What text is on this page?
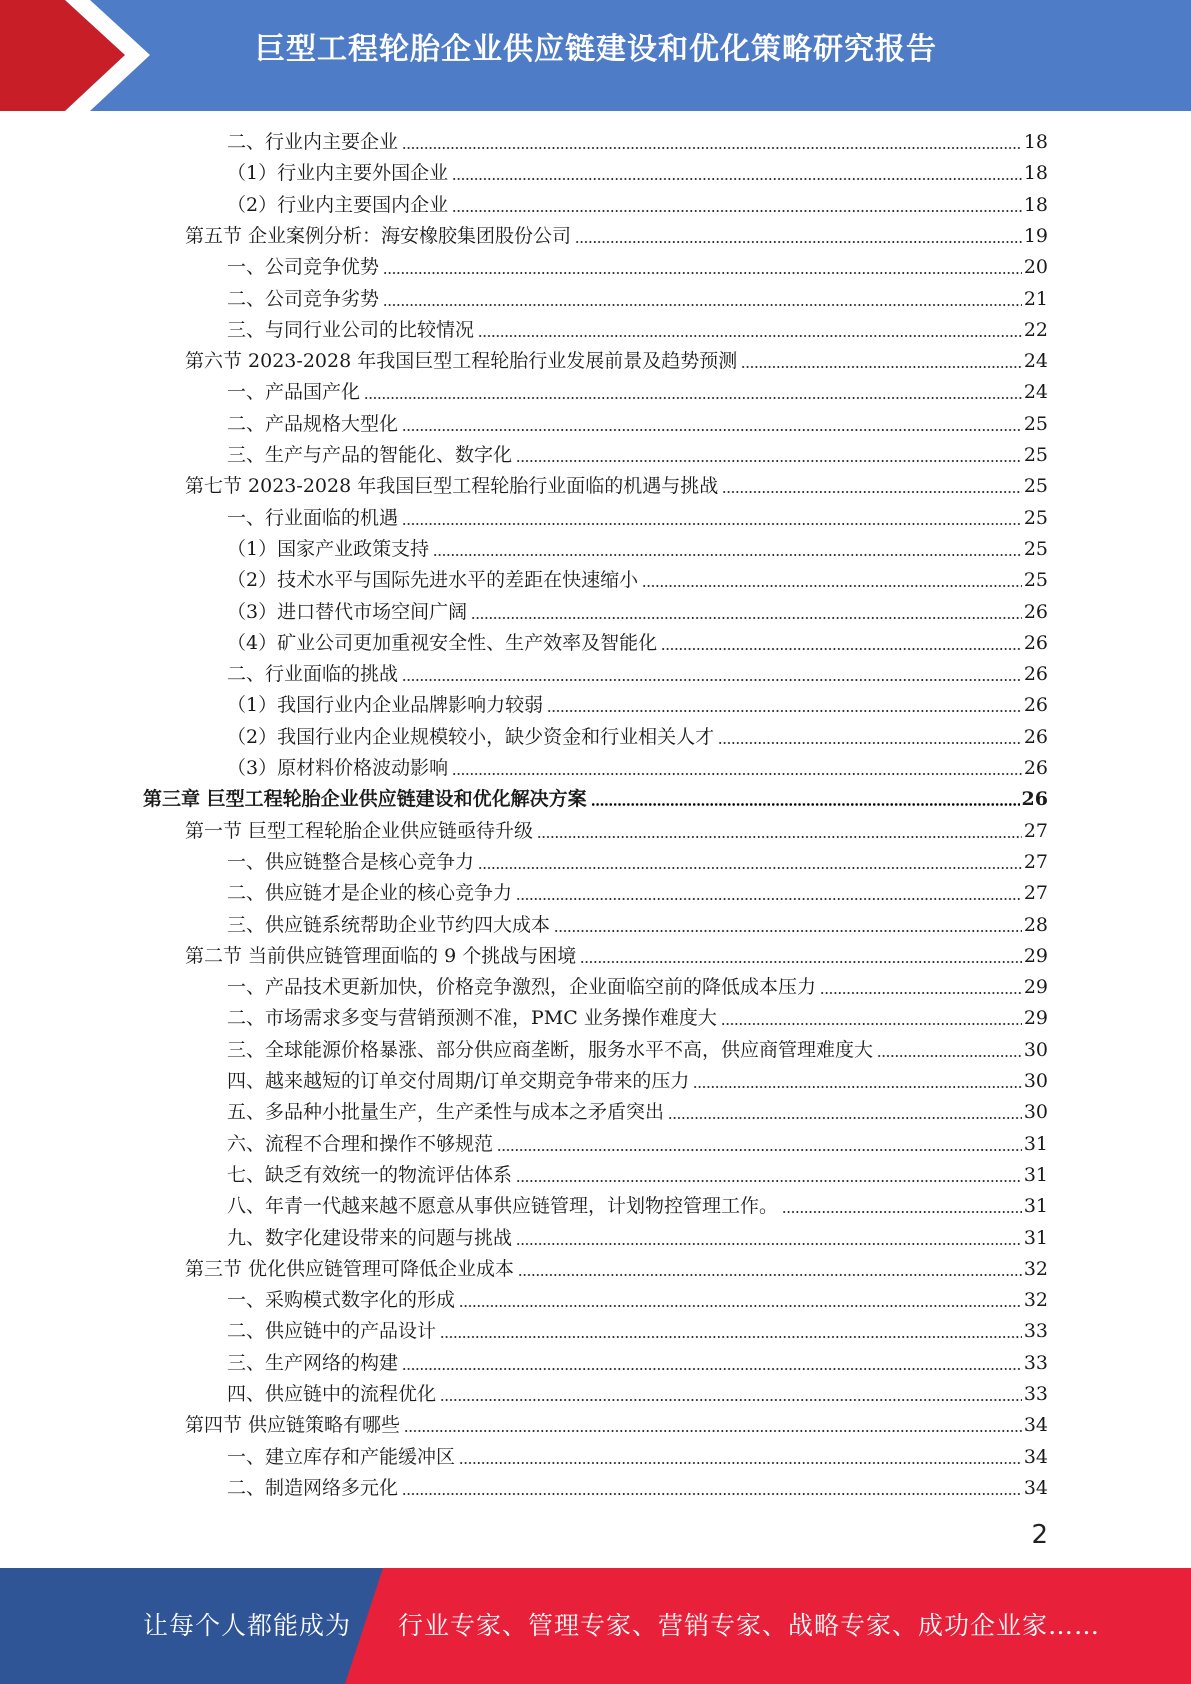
巨型工程轮胎企业供应链建设和优化策略研究报告
二、行业内主要企业	18
（1）行业内主要外国企业	18
（2）行业内主要国内企业	18
第五节 企业案例分析：海安橡胶集团股份公司	19
一、公司竞争优势	20
二、公司竞争劣势	21
三、与同行业公司的比较情况	22
第六节 2023-2028 年我国巨型工程轮胎行业发展前景及趋势预测	24
一、产品国产化	24
二、产品规格大型化	25
三、生产与产品的智能化、数字化	25
第七节 2023-2028 年我国巨型工程轮胎行业面临的机遇与挑战	25
一、行业面临的机遇	25
（1）国家产业政策支持	25
（2）技术水平与国际先进水平的差距在快速缩小	25
（3）进口替代市场空间广阔	26
（4）矿业公司更加重视安全性、生产效率及智能化	26
二、行业面临的挑战	26
（1）我国行业内企业品牌影响力较弱	26
（2）我国行业内企业规模较小，缺少资金和行业相关人才	26
（3）原材料价格波动影响	26
第三章 巨型工程轮胎企业供应链建设和优化解决方案	26
第一节 巨型工程轮胎企业供应链亟待升级	27
一、供应链整合是核心竞争力	27
二、供应链才是企业的核心竞争力	27
三、供应链系统帮助企业节约四大成本	28
第二节 当前供应链管理面临的 9 个挑战与困境	29
一、产品技术更新加快，价格竞争激烈，企业面临空前的降低成本压力	29
二、市场需求多变与营销预测不准，PMC 业务操作难度大	29
三、全球能源价格暴涨、部分供应商垄断，服务水平不高，供应商管理难度大	30
四、越来越短的订单交付周期/订单交期竞争带来的压力	30
五、多品种小批量生产，生产柔性与成本之矛盾突出	30
六、流程不合理和操作不够规范	31
七、缺乏有效统一的物流评估体系	31
八、年青一代越来越不愿意从事供应链管理，计划物控管理工作。	31
九、数字化建设带来的问题与挑战	31
第三节 优化供应链管理可降低企业成本	32
一、采购模式数字化的形成	32
二、供应链中的产品设计	33
三、生产网络的构建	33
四、供应链中的流程优化	33
第四节 供应链策略有哪些	34
一、建立库存和产能缓冲区	34
二、制造网络多元化	34
2
让每个人都能成为 行业专家、管理专家、营销专家、战略专家、成功企业家……
